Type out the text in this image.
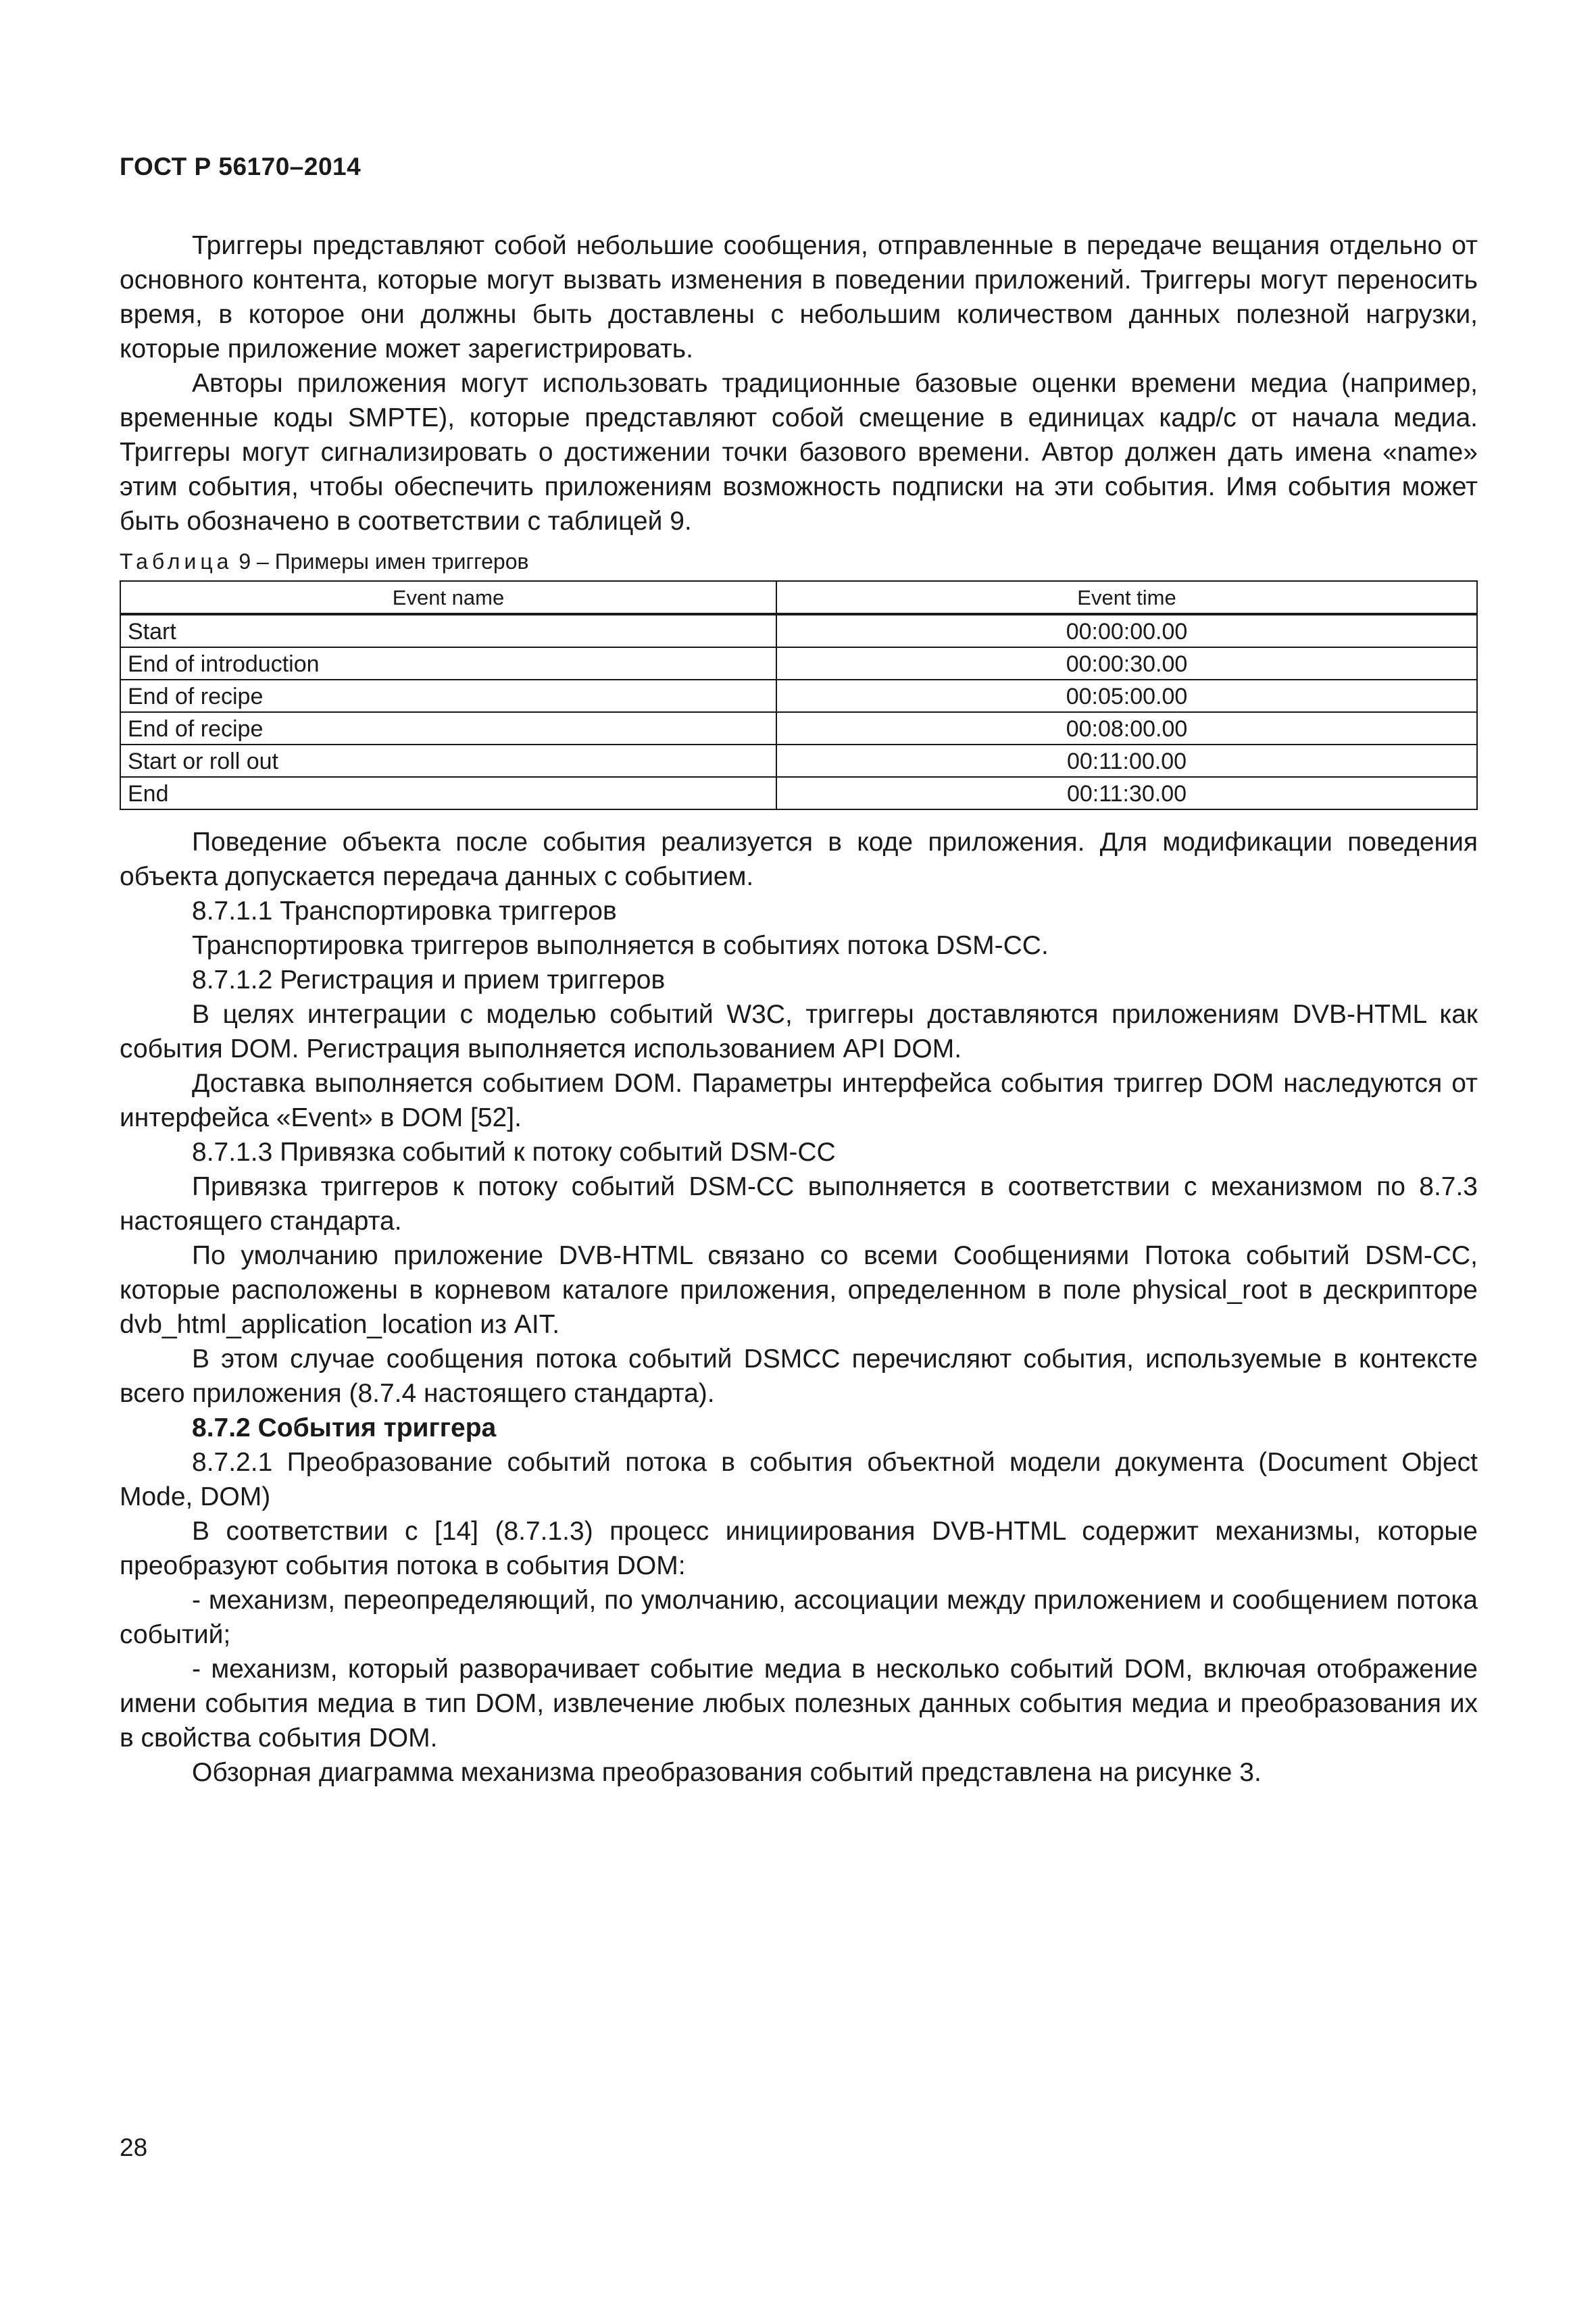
ГОСТ Р 56170–2014

Триггеры представляют собой небольшие сообщения, отправленные в передаче вещания отдельно от основного контента, которые могут вызвать изменения в поведении приложений. Триггеры могут переносить время, в которое они должны быть доставлены с небольшим количеством данных полезной нагрузки, которые приложение может зарегистрировать.

Авторы приложения могут использовать традиционные базовые оценки времени медиа (например, временные коды SMPTE), которые представляют собой смещение в единицах кадр/с от начала медиа. Триггеры могут сигнализировать о достижении точки базового времени. Автор должен дать имена «name» этим события, чтобы обеспечить приложениям возможность подписки на эти события. Имя события может быть обозначено в соответствии с таблицей 9.

Таблица 9 – Примеры имен триггеров
Event name	Event time
Start	00:00:00.00
End of introduction	00:00:30.00
End of recipe	00:05:00.00
End of recipe	00:08:00.00
Start or roll out	00:11:00.00
End	00:11:30.00

Поведение объекта после события реализуется в коде приложения. Для модификации поведения объекта допускается передача данных с событием.

8.7.1.1 Транспортировка триггеров

Транспортировка триггеров выполняется в событиях потока DSM-CC.

8.7.1.2 Регистрация и прием триггеров

В целях интеграции с моделью событий W3C, триггеры доставляются приложениям DVB-HTML как события DOM. Регистрация выполняется использованием API DOM.

Доставка выполняется событием DOM. Параметры интерфейса события триггер DOM наследуются от интерфейса «Event» в DOM [52].

8.7.1.3 Привязка событий к потоку событий DSM-CC

Привязка триггеров к потоку событий DSM-CC выполняется в соответствии с механизмом по 8.7.3 настоящего стандарта.

По умолчанию приложение DVB-HTML связано со всеми Сообщениями Потока событий DSM-CC, которые расположены в корневом каталоге приложения, определенном в поле physical_root в дескрипторе dvb_html_application_location из AIT.

В этом случае сообщения потока событий DSMCC перечисляют события, используемые в контексте всего приложения (8.7.4 настоящего стандарта).

8.7.2 События триггера

8.7.2.1 Преобразование событий потока в события объектной модели документа (Document Object Mode, DOM)

В соответствии с [14] (8.7.1.3) процесс инициирования DVB-HTML содержит механизмы, которые преобразуют события потока в события DOM:

- механизм, переопределяющий, по умолчанию, ассоциации между приложением и сообщением потока событий;

- механизм, который разворачивает событие медиа в несколько событий DOM, включая отображение имени события медиа в тип DOM, извлечение любых полезных данных события медиа и преобразования их в свойства события DOM.

Обзорная диаграмма механизма преобразования событий представлена на рисунке 3.

28
